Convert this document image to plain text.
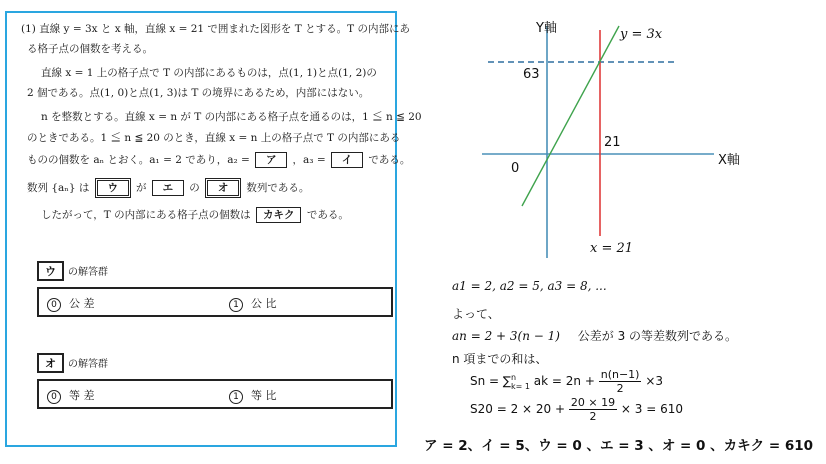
(1) 直線 y = 3x と x 軸，直線 x = 21 で囲まれた図形を T とする。T の内部にあ
る格子点の個数を考える。
直線 x = 1 上の格子点で T の内部にあるものは，点(1, 1)と点(1, 2)の
2 個である。点(1, 0)と点(1, 3)は T の境界にあるため，内部にはない。
n を整数とする。直線 x = n が T の内部にある格子点を通るのは，1 ≦ n ≦ 20
のときである。1 ≦ n ≦ 20 のとき，直線 x = n 上の格子点で T の内部にある
ものの個数を aₙ とおく。a₁ = 2 であり，a₂ = ア ，a₃ = イ である。
数列 {aₙ} は ウ が エ の オ 数列である。
したがって，T の内部にある格子点の個数は カキク である。
ウ の解答群
0 公 差	1 公 比
オ の解答群
0 等 差	1 等 比
Y軸
X軸
y = 3x
x = 21
63
21
0
a1 = 2, a2 = 5, a3 = 8, ...
よって、
an = 2 + 3(n − 1) 公差が 3 の等差数列である。
n 項までの和は、
Sn = ∑ n
k= 1 ak = $2n + \frac{n(n-1)}{2} \times 3$
$S20 = 2 \times 20 + \frac{20 \times 19}{2} \times 3 = 610$
ア = 2、イ = 5、ウ = 0 、エ = 3 、オ = 0 、カキク = 610
